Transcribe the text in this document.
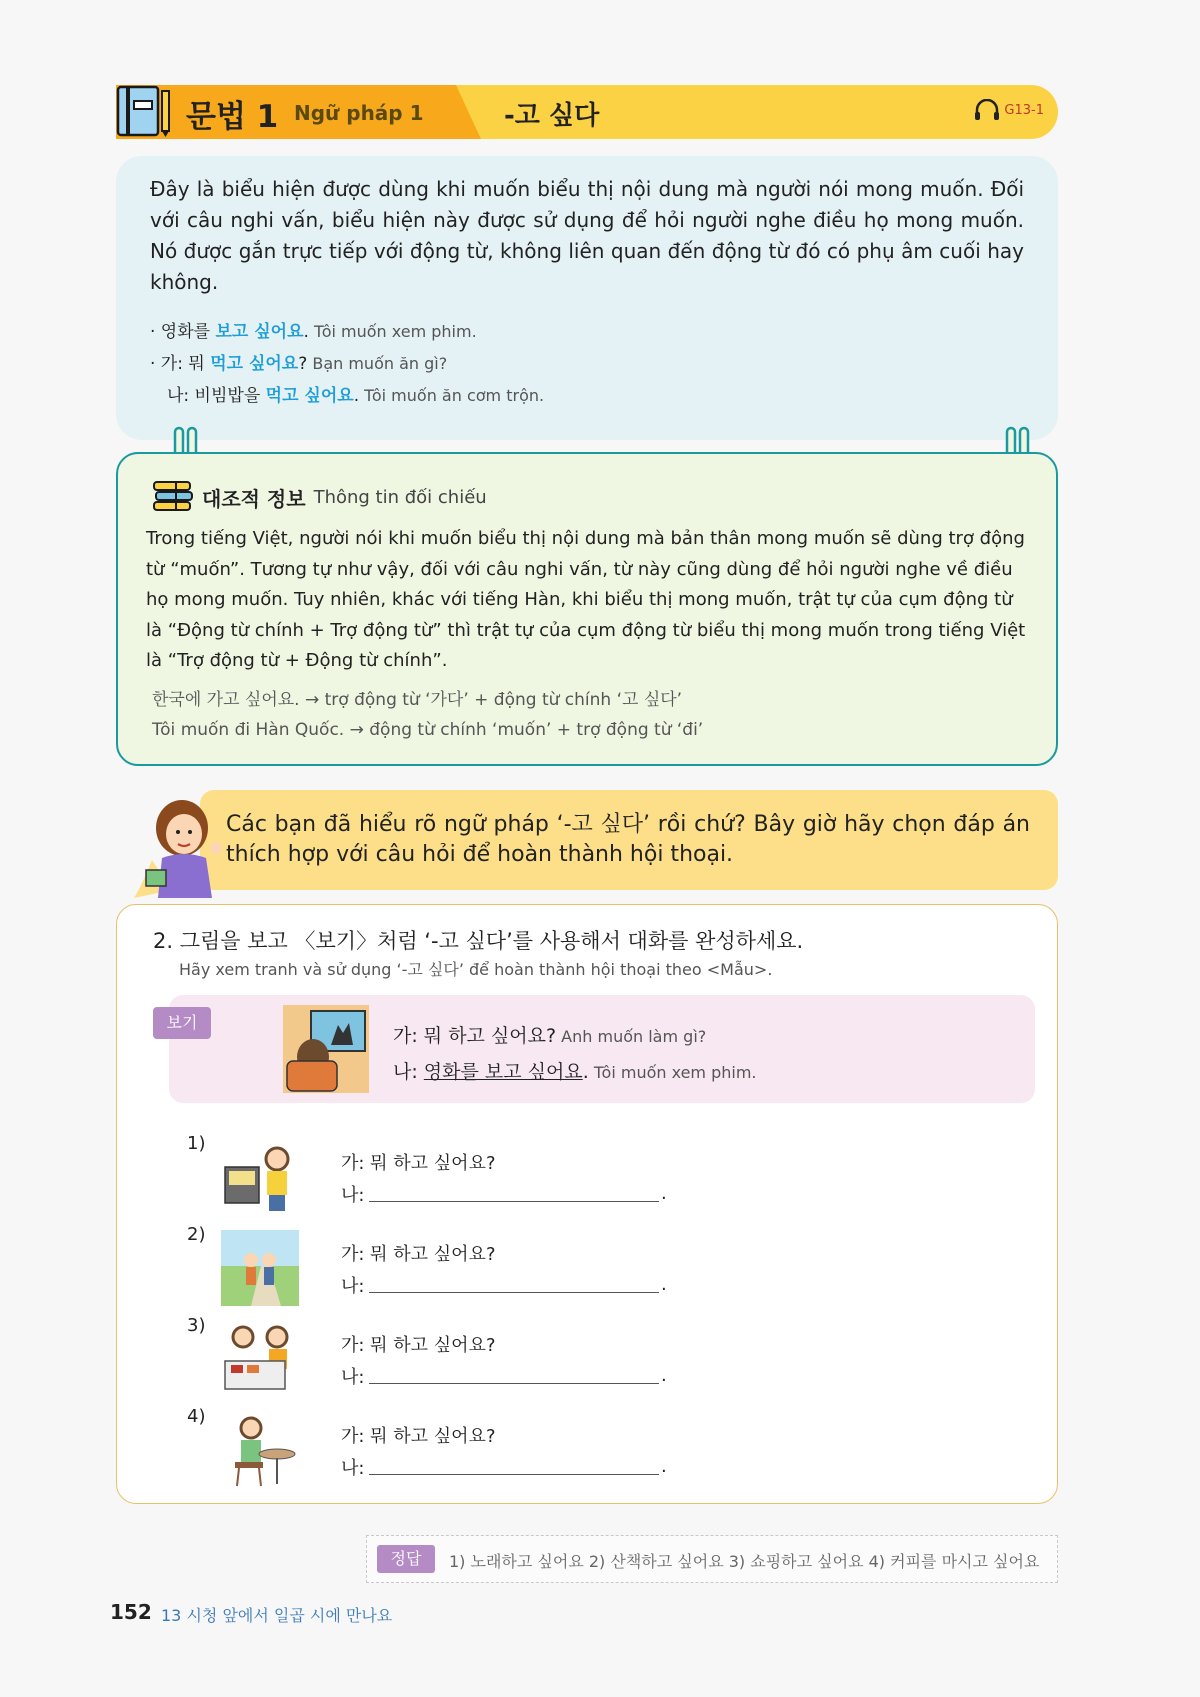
문법 1 Ngữ pháp 1	-고 싶다	G13-1

Đây là biểu hiện được dùng khi muốn biểu thị nội dung mà người nói mong muốn. Đối với câu nghi vấn, biểu hiện này được sử dụng để hỏi người nghe điều họ mong muốn. Nó được gắn trực tiếp với động từ, không liên quan đến động từ đó có phụ âm cuối hay không.

· 영화를 보고 싶어요. Tôi muốn xem phim.
· 가: 뭐 먹고 싶어요? Bạn muốn ăn gì?
나: 비빔밥을 먹고 싶어요. Tôi muốn ăn cơm trộn.
대조적 정보 Thông tin đối chiếu

Trong tiếng Việt, người nói khi muốn biểu thị nội dung mà bản thân mong muốn sẽ dùng trợ động từ “muốn”. Tương tự như vậy, đối với câu nghi vấn, từ này cũng dùng để hỏi người nghe về điều họ mong muốn. Tuy nhiên, khác với tiếng Hàn, khi biểu thị mong muốn, trật tự của cụm động từ là “Động từ chính + Trợ động từ” thì trật tự của cụm động từ biểu thị mong muốn trong tiếng Việt là “Trợ động từ + Động từ chính”.

한국에 가고 싶어요. → trợ động từ ‘가다’ + động từ chính ‘고 싶다’
Tôi muốn đi Hàn Quốc. → động từ chính ‘muốn’ + trợ động từ ‘đi’

Các bạn đã hiểu rõ ngữ pháp ‘-고 싶다’ rồi chứ? Bây giờ hãy chọn đáp án thích hợp với câu hỏi để hoàn thành hội thoại.

2. 그림을 보고 〈보기〉처럼 ‘-고 싶다’를 사용해서 대화를 완성하세요.
Hãy xem tranh và sử dụng ‘-고 싶다’ để hoàn thành hội thoại theo <Mẫu>.
보기
가: 뭐 하고 싶어요? Anh muốn làm gì?
나: 영화를 보고 싶어요. Tôi muốn xem phim.
1)
가: 뭐 하고 싶어요?
나:	.
2)
가: 뭐 하고 싶어요?
나:	.
3)
가: 뭐 하고 싶어요?
나:	.
4)
가: 뭐 하고 싶어요?
나:	.
정답	1) 노래하고 싶어요 2) 산책하고 싶어요 3) 쇼핑하고 싶어요 4) 커피를 마시고 싶어요
152 13 시청 앞에서 일곱 시에 만나요
